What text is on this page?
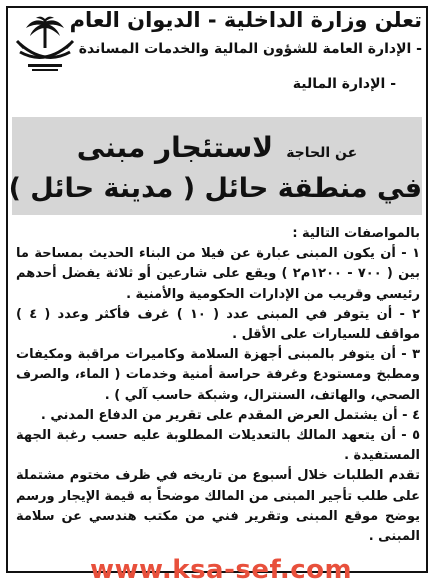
تعلن وزارة الداخلية - الديوان العام
- الإدارة العامة للشؤون المالية والخدمات المساندة
- الإدارة المالية
عن الحاجة لاستئجار مبنى
في منطقة حائل ( مدينة حائل )
بالمواصفات التالية :

١ - أن يكون المبنى عبارة عن فيلا من البناء الحديث بمساحة ما بين ( ٧٠٠ - ١٢٠٠م٢ ) ويقع على شارعين أو ثلاثة يفضل أحدهم رئيسي وقريب من الإدارات الحكومية والأمنية .

٢ - أن يتوفر في المبنى عدد ( ١٠ ) غرف فأكثر وعدد ( ٤ ) مواقف للسيارات على الأقل .

٣ - أن يتوفر بالمبنى أجهزة السلامة وكاميرات مراقبة ومكيفات ومطبخ ومستودع وغرفة حراسة أمنية وخدمات ( الماء، والصرف الصحي، والهاتف، السنترال، وشبكة حاسب آلي ) .

٤ - أن يشتمل العرض المقدم على تقرير من الدفاع المدني .

٥ - أن يتعهد المالك بالتعديلات المطلوبة عليه حسب رغبة الجهة المستفيدة .

تقدم الطلبات خلال أسبوع من تاريخه في ظرف مختوم مشتملة على طلب تأجير المبنى من المالك موضحاً به قيمة الإيجار ورسم يوضح موقع المبنى وتقرير فني من مكتب هندسي عن سلامة المبنى .

www.ksa-sef.com
